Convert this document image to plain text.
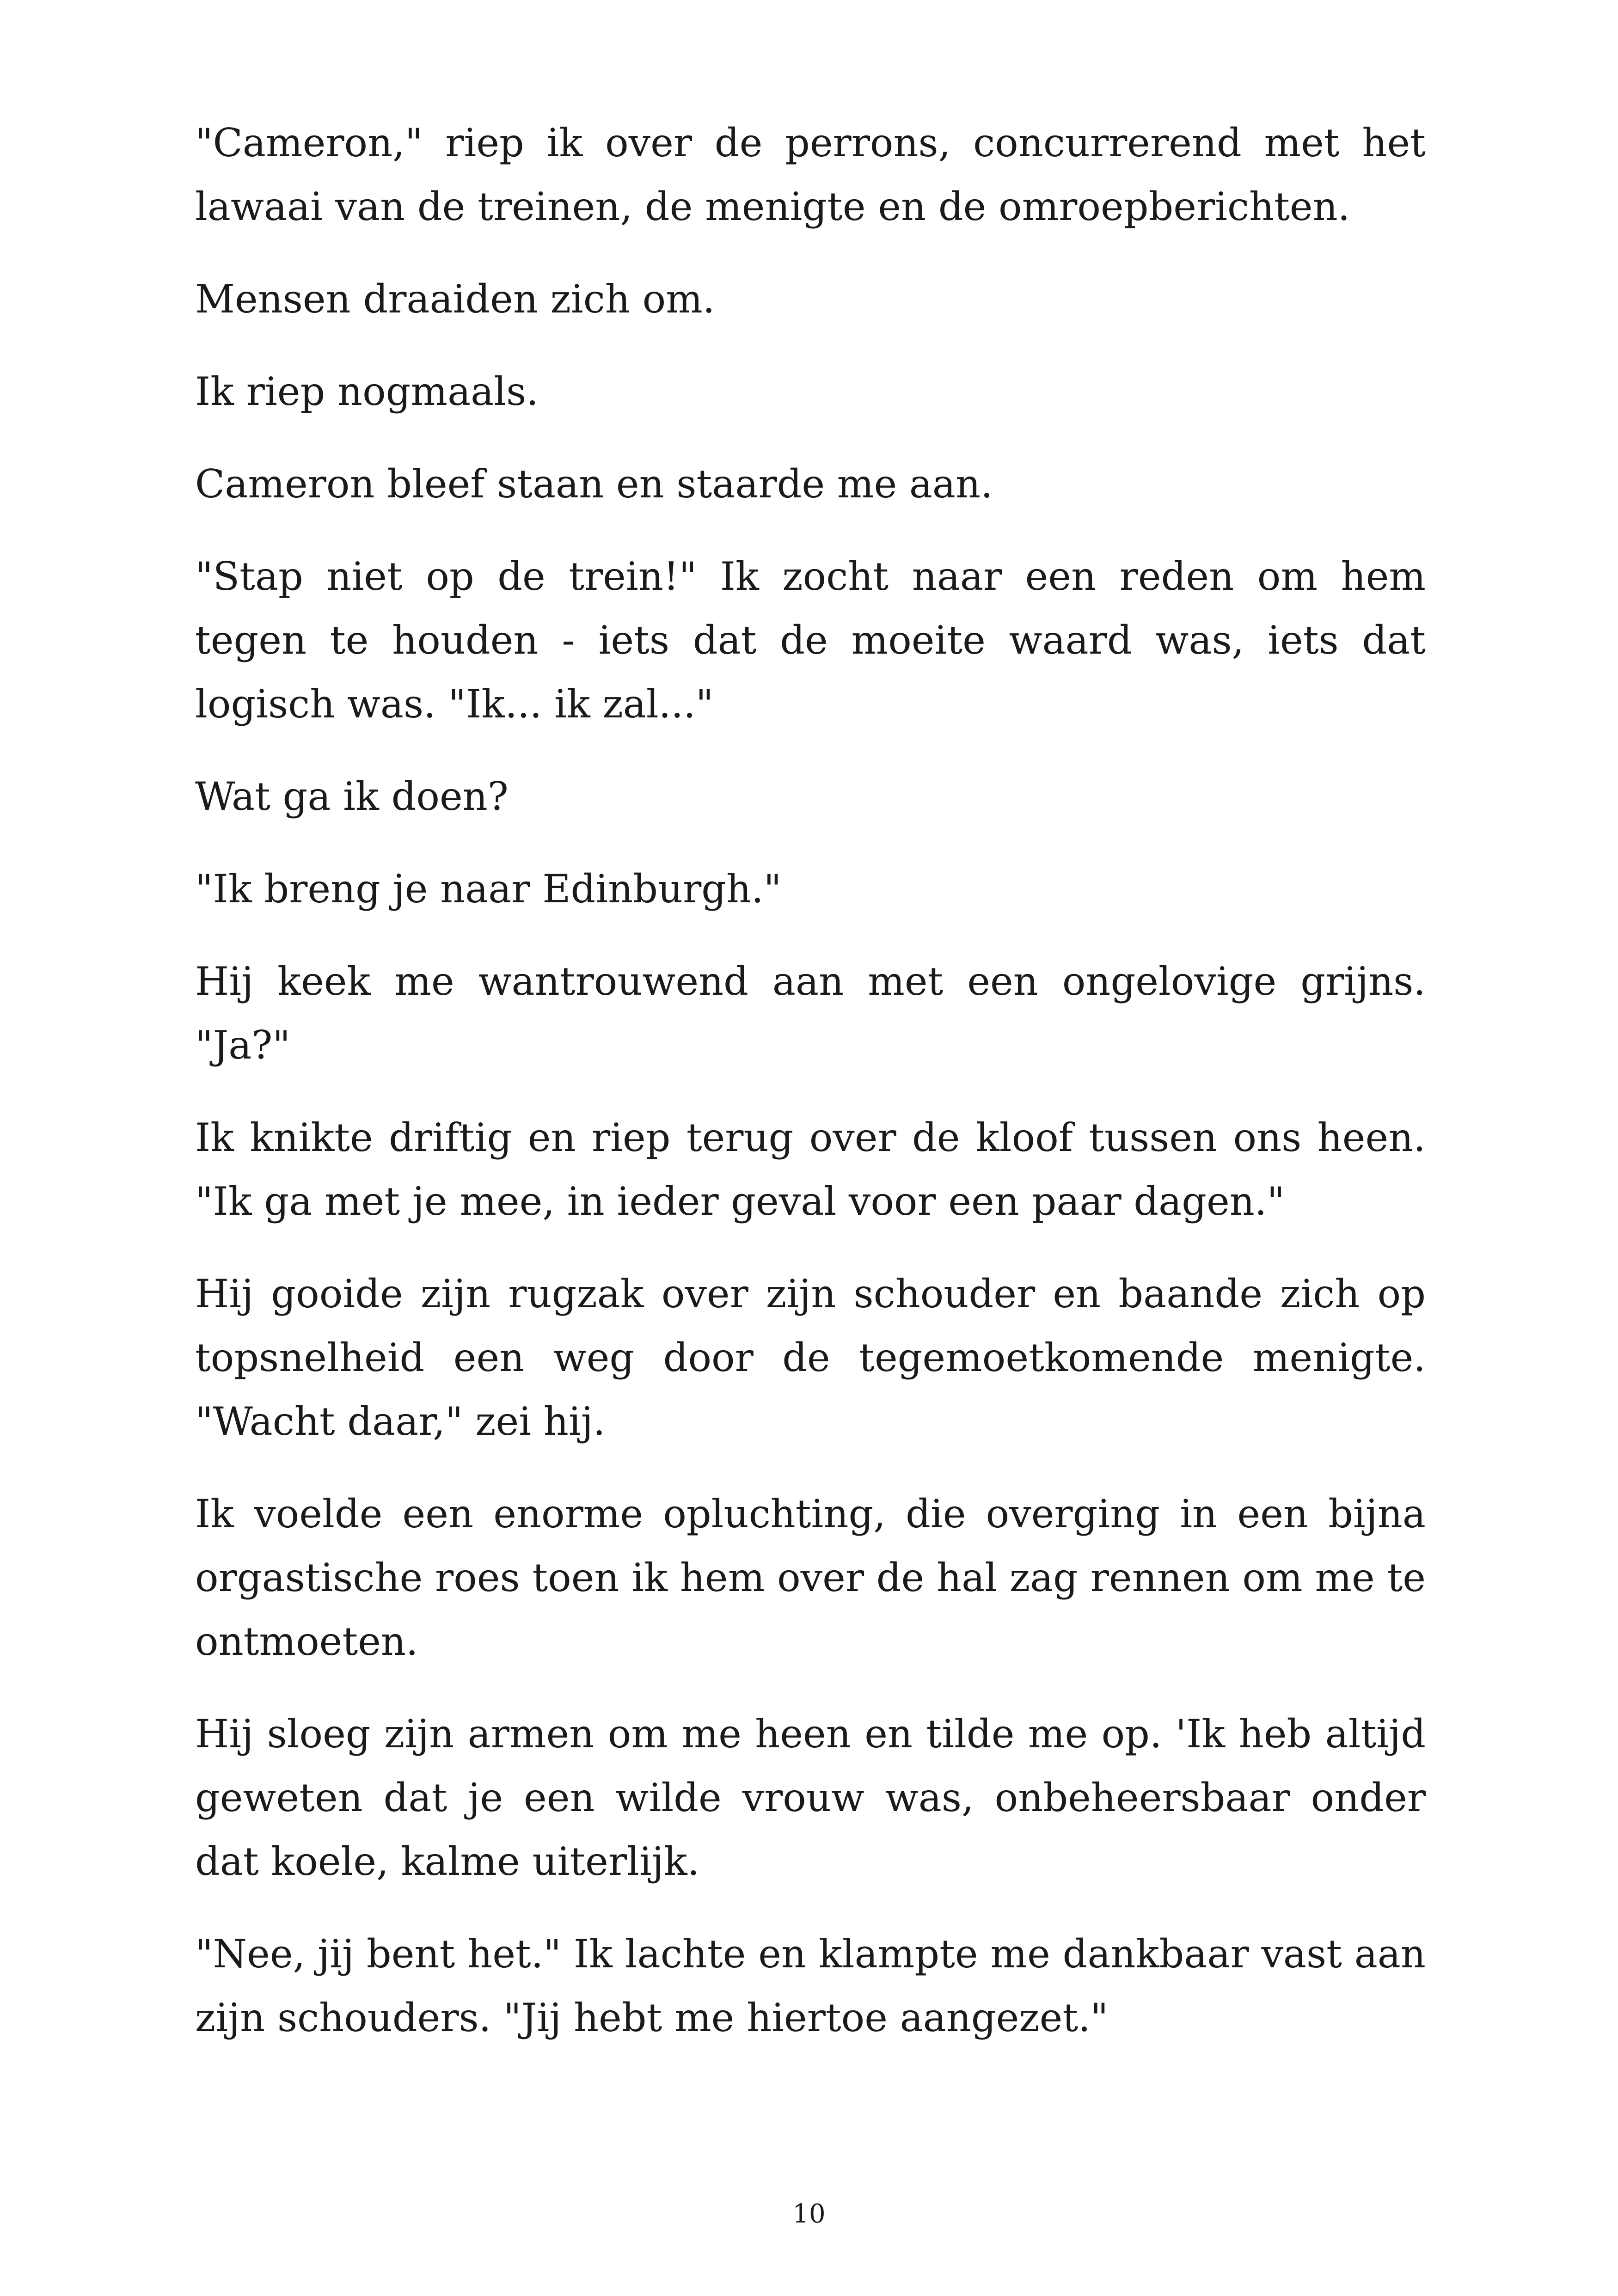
"Cameron," riep ik over de perrons, concurrerend met het lawaai van de treinen, de menigte en de omroepberichten.

Mensen draaiden zich om.

Ik riep nogmaals.

Cameron bleef staan en staarde me aan.

"Stap niet op de trein!" Ik zocht naar een reden om hem tegen te houden - iets dat de moeite waard was, iets dat logisch was. "Ik... ik zal..."

Wat ga ik doen?

"Ik breng je naar Edinburgh."

Hij keek me wantrouwend aan met een ongelovige grijns. "Ja?"

Ik knikte driftig en riep terug over de kloof tussen ons heen. "Ik ga met je mee, in ieder geval voor een paar dagen."

Hij gooide zijn rugzak over zijn schouder en baande zich op topsnelheid een weg door de tegemoetkomende menigte. "Wacht daar," zei hij.

Ik voelde een enorme opluchting, die overging in een bijna orgastische roes toen ik hem over de hal zag rennen om me te ontmoeten.

Hij sloeg zijn armen om me heen en tilde me op. 'Ik heb altijd geweten dat je een wilde vrouw was, onbeheersbaar onder dat koele, kalme uiterlijk.

"Nee, jij bent het." Ik lachte en klampte me dankbaar vast aan zijn schouders. "Jij hebt me hiertoe aangezet."

10
